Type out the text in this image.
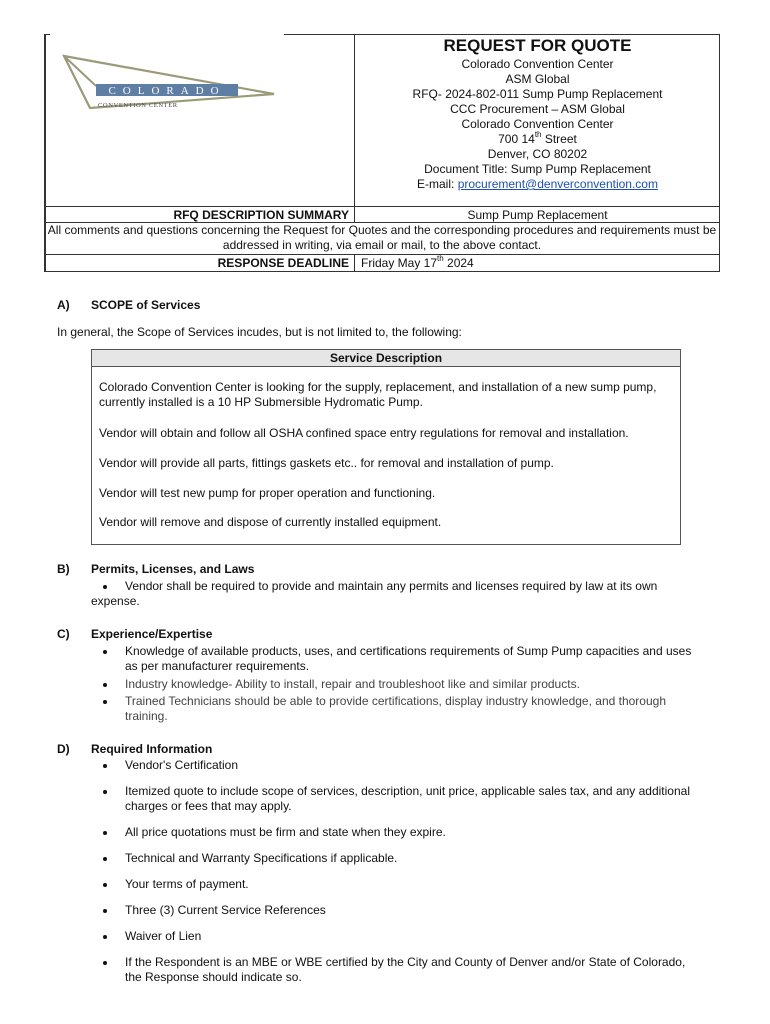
COLORADO
CONVENTION CENTER
REQUEST FOR QUOTE
Colorado Convention Center
ASM Global
RFQ- 2024-802-011 Sump Pump Replacement
CCC Procurement – ASM Global
Colorado Convention Center
700 14th Street
Denver, CO 80202
Document Title: Sump Pump Replacement
E-mail: procurement@denverconvention.com
RFQ DESCRIPTION SUMMARY	Sump Pump Replacement
All comments and questions concerning the Request for Quotes and the corresponding procedures and requirements must be addressed in writing, via email or mail, to the above contact.
RESPONSE DEADLINE Friday May 17th 2024
A) SCOPE of Services
In general, the Scope of Services incudes, but is not limited to, the following:
Service Description

Colorado Convention Center is looking for the supply, replacement, and installation of a new sump pump, currently installed is a 10 HP Submersible Hydromatic Pump.

Vendor will obtain and follow all OSHA confined space entry regulations for removal and installation.

Vendor will provide all parts, fittings gaskets etc.. for removal and installation of pump.

Vendor will test new pump for proper operation and functioning.

Vendor will remove and dispose of currently installed equipment.

B) Permits, Licenses, and Laws
Vendor shall be required to provide and maintain any permits and licenses required by law at its own
expense.
C) Experience/Expertise
Knowledge of available products, uses, and certifications requirements of Sump Pump capacities and uses as per manufacturer requirements.
Industry knowledge- Ability to install, repair and troubleshoot like and similar products.
Trained Technicians should be able to provide certifications, display industry knowledge, and thorough training.
D) Required Information
Vendor's Certification
Itemized quote to include scope of services, description, unit price, applicable sales tax, and any additional charges or fees that may apply.
All price quotations must be firm and state when they expire.
Technical and Warranty Specifications if applicable.
Your terms of payment.
Three (3) Current Service References
Waiver of Lien
If the Respondent is an MBE or WBE certified by the City and County of Denver and/or State of Colorado, the Response should indicate so.
